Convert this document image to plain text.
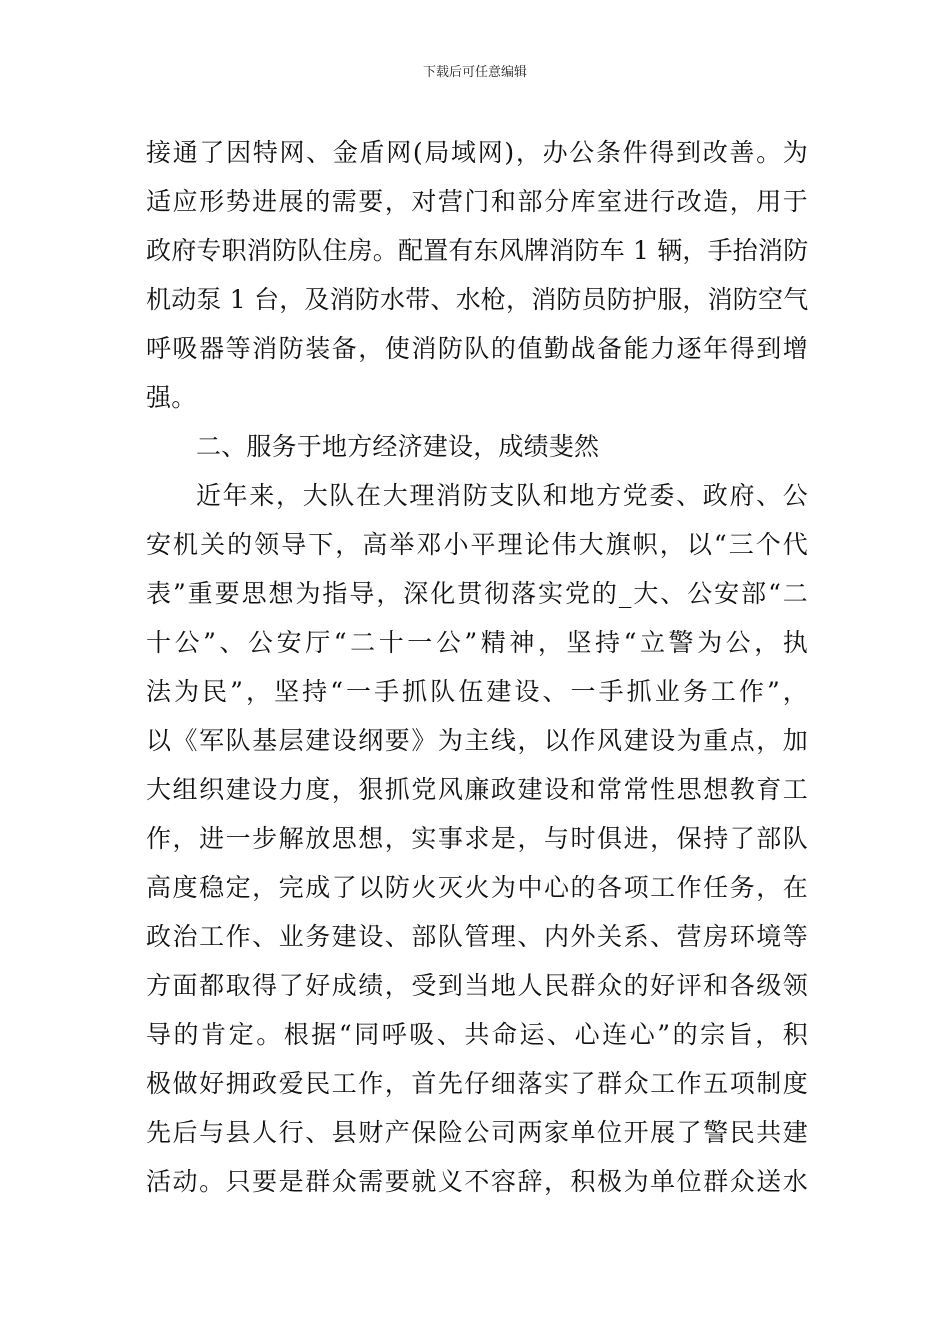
下载后可任意编辑
接通了因特网、金盾网(局域网)，办公条件得到改善。为
适应形势进展的需要，对营门和部分库室进行改造，用于
政府专职消防队住房。配置有东风牌消防车 1 辆，手抬消防
机动泵 1 台，及消防水带、水枪，消防员防护服，消防空气
呼吸器等消防装备，使消防队的值勤战备能力逐年得到增
强。
二、服务于地方经济建设，成绩斐然
近年来，大队在大理消防支队和地方党委、政府、公
安机关的领导下，高举邓小平理论伟大旗帜，以“三个代
表”重要思想为指导，深化贯彻落实党的_大、公安部“二
十公”、公安厅“二十一公”精神，坚持“立警为公，执
法为民”，坚持“一手抓队伍建设、一手抓业务工作”，
以《军队基层建设纲要》为主线，以作风建设为重点，加
大组织建设力度，狠抓党风廉政建设和常常性思想教育工
作，进一步解放思想，实事求是，与时俱进，保持了部队
高度稳定，完成了以防火灭火为中心的各项工作任务，在
政治工作、业务建设、部队管理、内外关系、营房环境等
方面都取得了好成绩，受到当地人民群众的好评和各级领
导的肯定。根据“同呼吸、共命运、心连心”的宗旨，积
极做好拥政爱民工作，首先仔细落实了群众工作五项制度
先后与县人行、县财产保险公司两家单位开展了警民共建
活动。只要是群众需要就义不容辞，积极为单位群众送水
